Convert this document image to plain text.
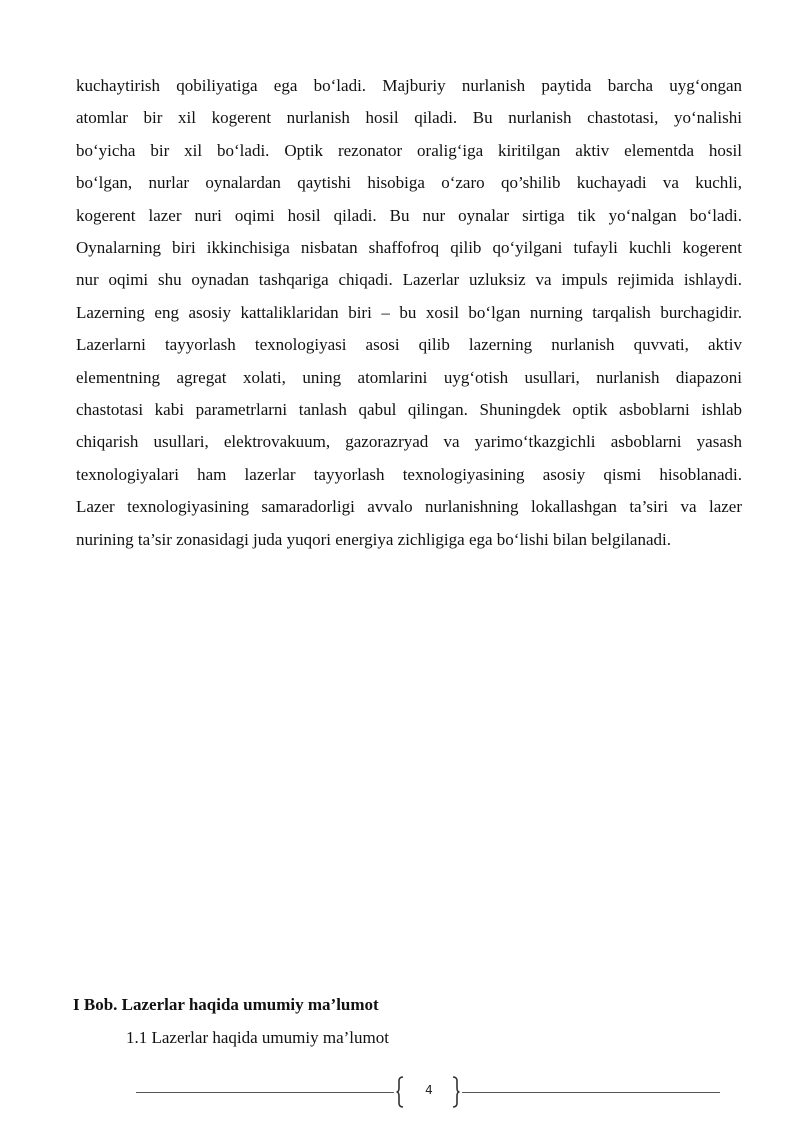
kuchaytirish qobiliyatiga ega bo‘ladi. Majburiy nurlanish paytida barcha uyg‘ongan
atomlar bir xil kogerent nurlanish hosil qiladi. Bu nurlanish chastotasi, yo‘nalishi
bo‘yicha bir xil bo‘ladi. Optik rezonator oralig‘iga kiritilgan aktiv elementda hosil
bo‘lgan, nurlar oynalardan qaytishi hisobiga o‘zaro qo’shilib kuchayadi va kuchli,
kogerent lazer nuri oqimi hosil qiladi. Bu nur oynalar sirtiga tik yo‘nalgan bo‘ladi.
Oynalarning biri ikkinchisiga nisbatan shaffofroq qilib qo‘yilgani tufayli kuchli kogerent
nur oqimi shu oynadan tashqariga chiqadi. Lazerlar uzluksiz va impuls rejimida ishlaydi.
Lazerning eng asosiy kattaliklaridan biri – bu xosil bo‘lgan nurning tarqalish burchagidir.
Lazerlarni tayyorlash texnologiyasi asosi qilib lazerning nurlanish quvvati, aktiv
elementning agregat xolati, uning atomlarini uyg‘otish usullari, nurlanish diapazoni
chastotasi kabi parametrlarni tanlash qabul qilingan. Shuningdek optik asboblarni ishlab
chiqarish usullari, elektrovakuum, gazorazryad va yarimo‘tkazgichli asboblarni yasash
texnologiyalari ham lazerlar tayyorlash texnologiyasining asosiy qismi hisoblanadi.
Lazer texnologiyasining samaradorligi avvalo nurlanishning lokallashgan ta’siri va lazer
nurining ta’sir zonasidagi juda yuqori energiya zichligiga ega bo‘lishi bilan belgilanadi.
I Bob. Lazerlar haqida umumiy ma’lumot

1.1 Lazerlar haqida umumiy ma’lumot

4
